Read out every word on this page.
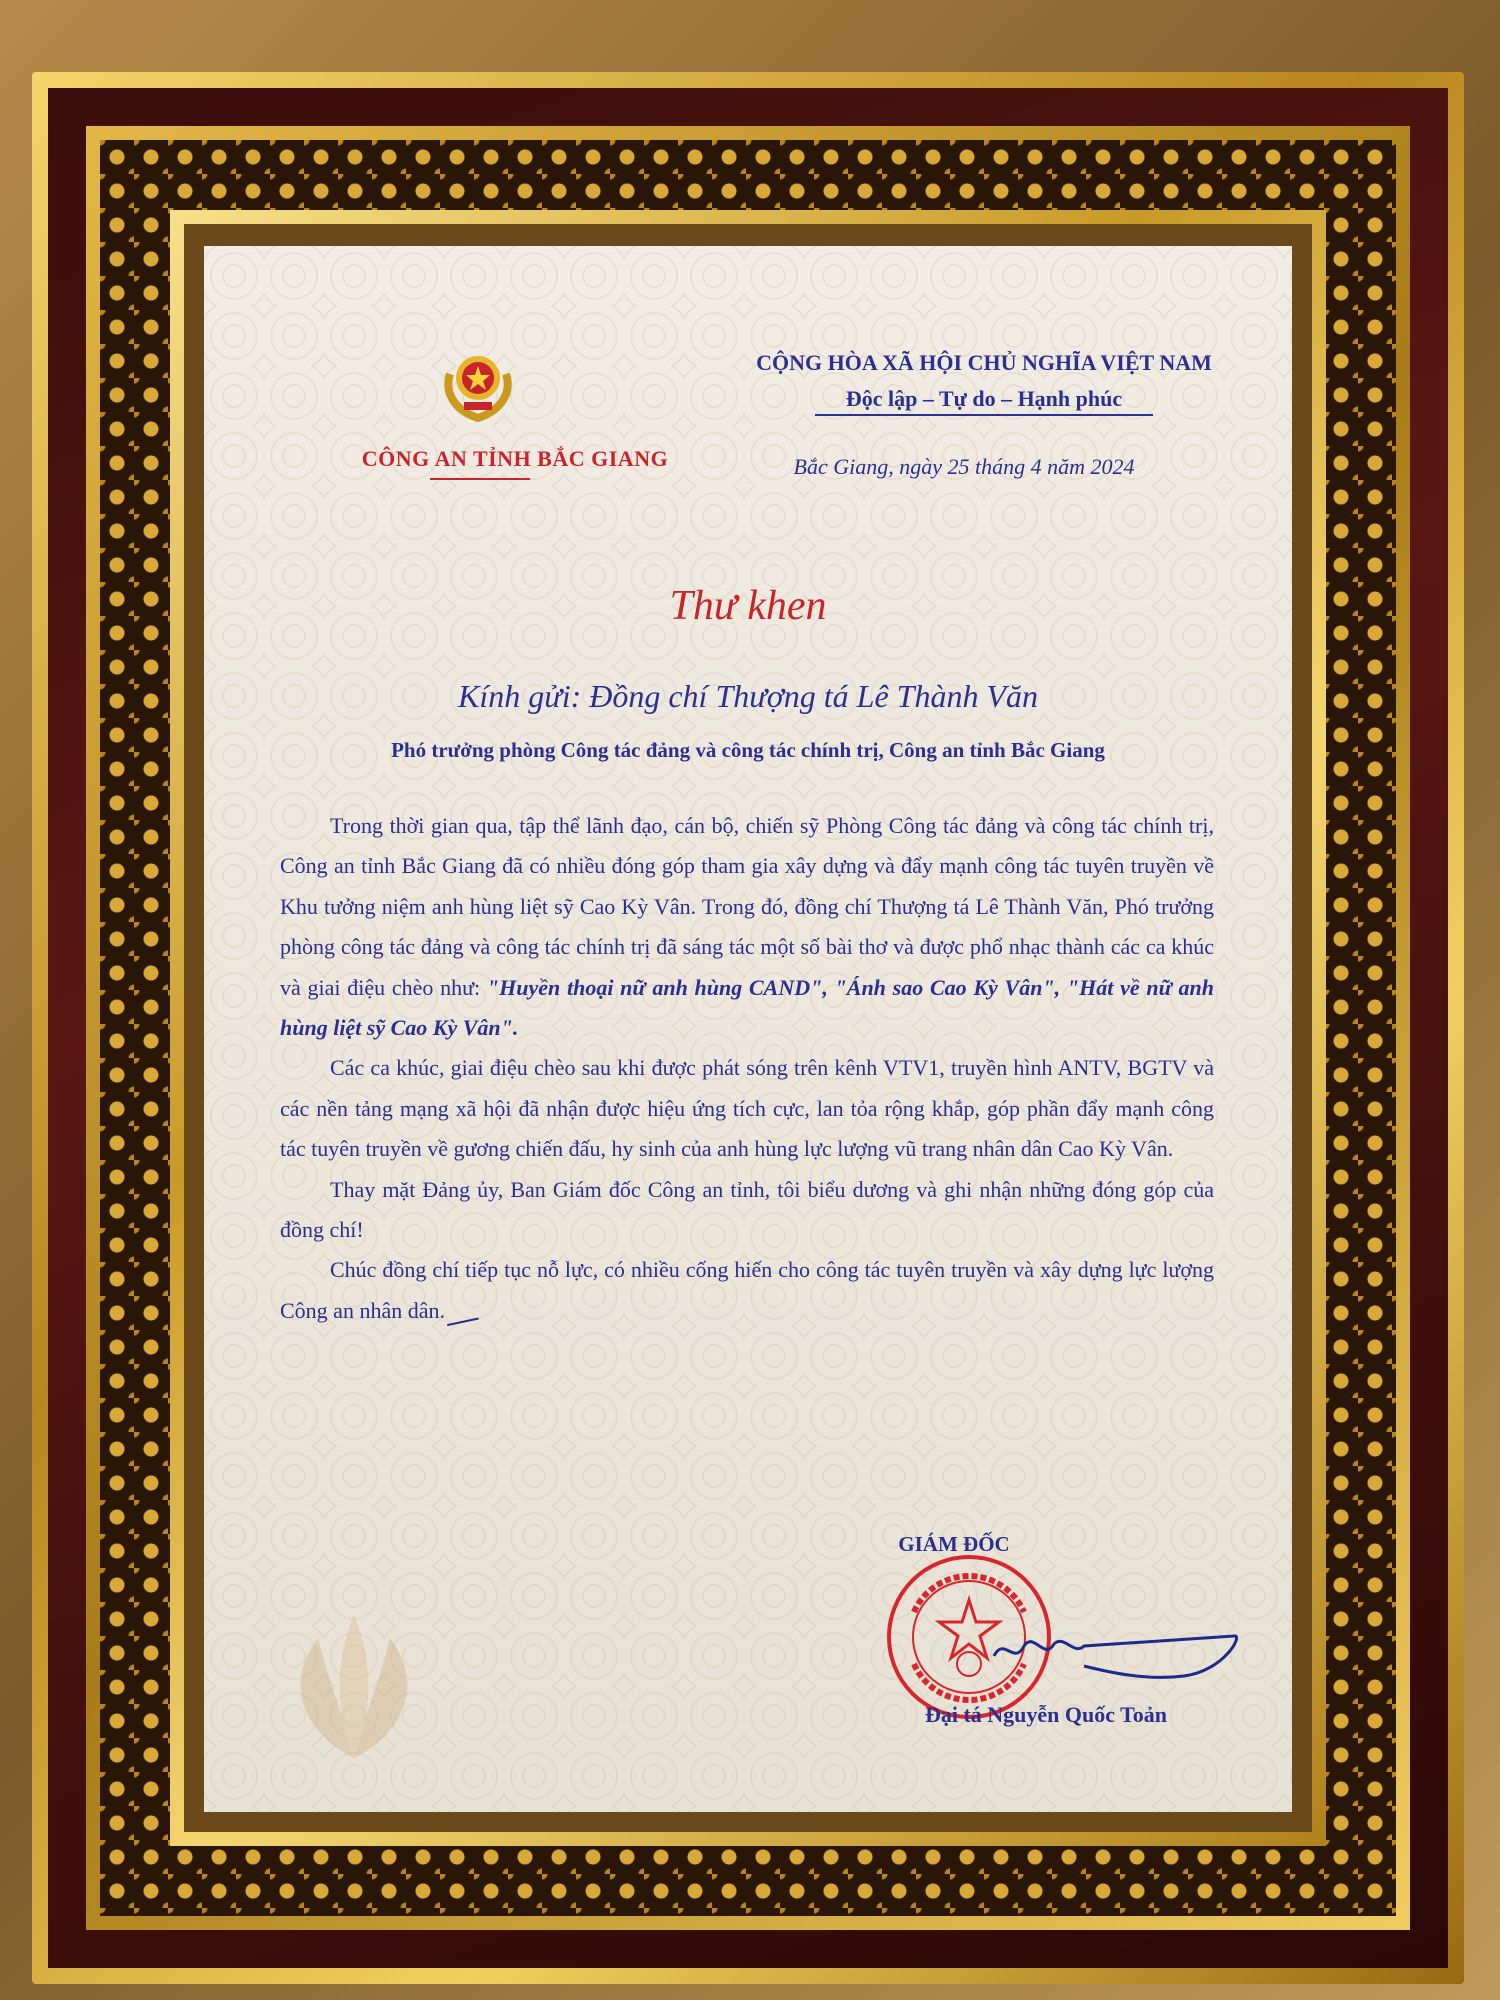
CÔNG AN TỈNH BẮC GIANG
CỘNG HÒA XÃ HỘI CHỦ NGHĨA VIỆT NAM
Độc lập – Tự do – Hạnh phúc
Bắc Giang, ngày 25 tháng 4 năm 2024
Thư khen
Kính gửi: Đồng chí Thượng tá Lê Thành Văn
Phó trưởng phòng Công tác đảng và công tác chính trị, Công an tỉnh Bắc Giang

Trong thời gian qua, tập thể lãnh đạo, cán bộ, chiến sỹ Phòng Công tác đảng và công tác chính trị, Công an tỉnh Bắc Giang đã có nhiều đóng góp tham gia xây dựng và đẩy mạnh công tác tuyên truyền về Khu tưởng niệm anh hùng liệt sỹ Cao Kỳ Vân. Trong đó, đồng chí Thượng tá Lê Thành Văn, Phó trưởng phòng công tác đảng và công tác chính trị đã sáng tác một số bài thơ và được phổ nhạc thành các ca khúc và giai điệu chèo như: "Huyền thoại nữ anh hùng CAND", "Ánh sao Cao Kỳ Vân", "Hát về nữ anh hùng liệt sỹ Cao Kỳ Vân".

Các ca khúc, giai điệu chèo sau khi được phát sóng trên kênh VTV1, truyền hình ANTV, BGTV và các nền tảng mạng xã hội đã nhận được hiệu ứng tích cực, lan tỏa rộng khắp, góp phần đẩy mạnh công tác tuyên truyền về gương chiến đấu, hy sinh của anh hùng lực lượng vũ trang nhân dân Cao Kỳ Vân.

Thay mặt Đảng ủy, Ban Giám đốc Công an tỉnh, tôi biểu dương và ghi nhận những đóng góp của đồng chí!

Chúc đồng chí tiếp tục nỗ lực, có nhiều cống hiến cho công tác tuyên truyền và xây dựng lực lượng Công an nhân dân.

GIÁM ĐỐC
Đại tá Nguyễn Quốc Toản
